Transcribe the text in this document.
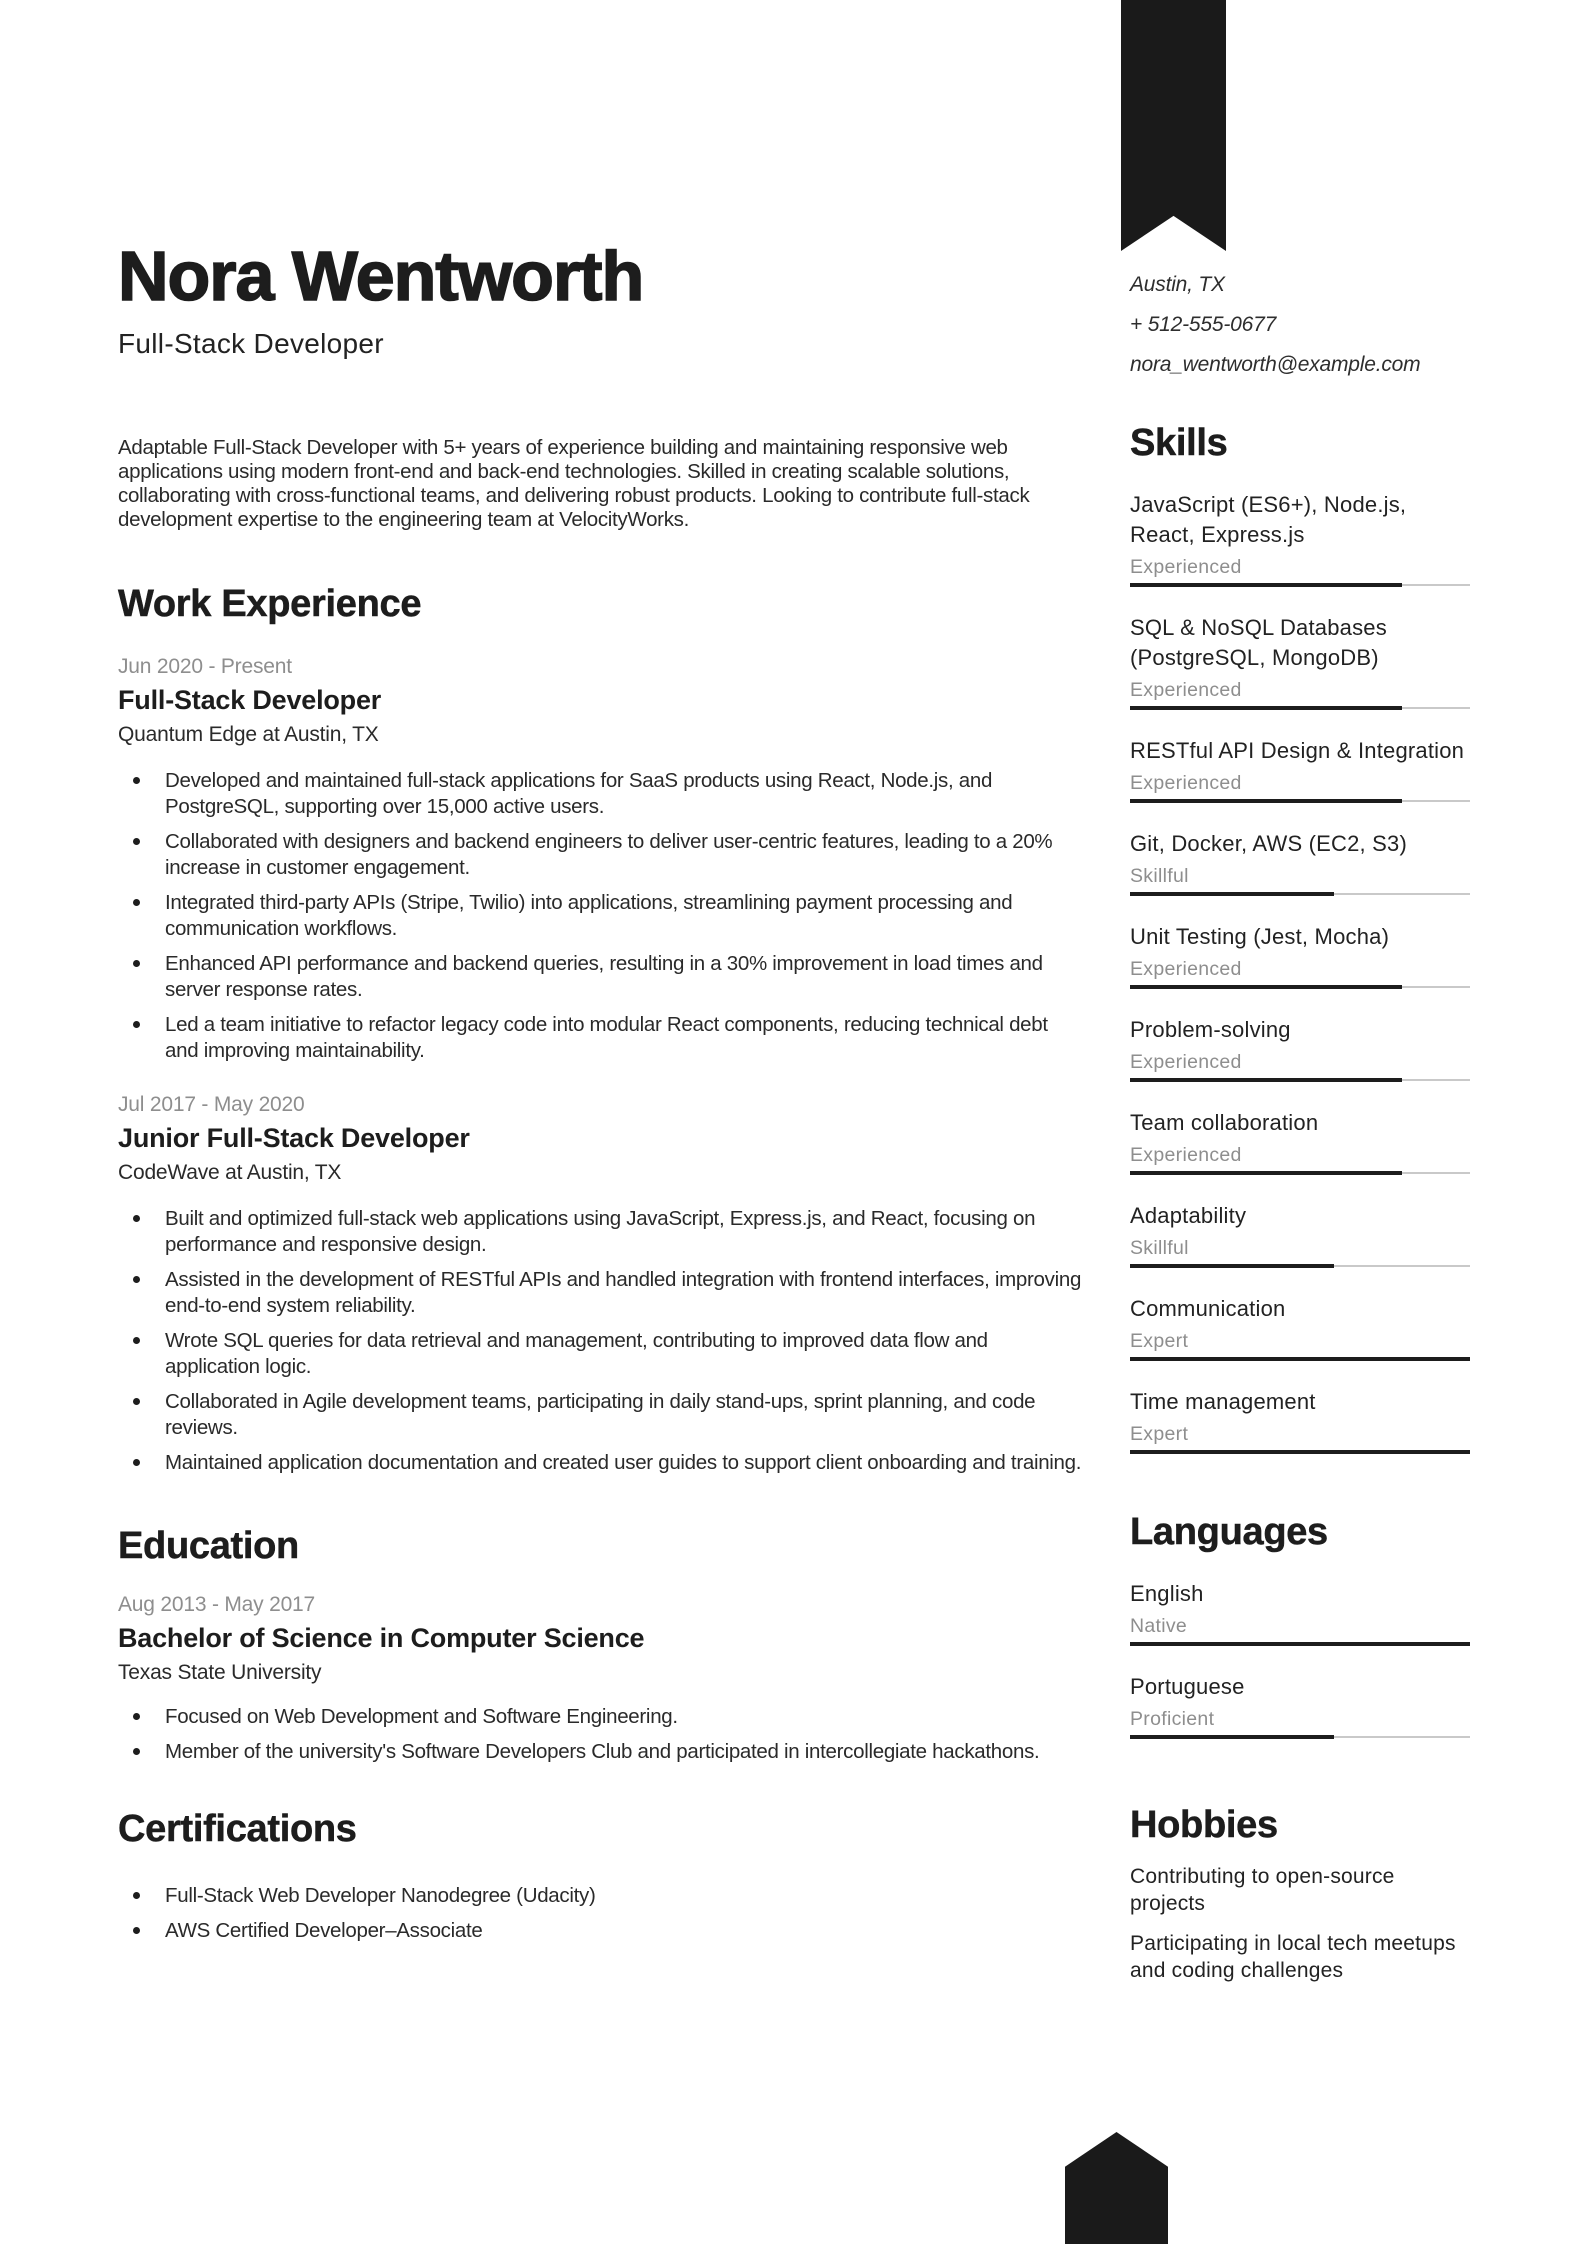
Nora Wentworth
Full-Stack Developer

Adaptable Full-Stack Developer with 5+ years of experience building and maintaining responsive web applications using modern front-end and back-end technologies. Skilled in creating scalable solutions, collaborating with cross-functional teams, and delivering robust products. Looking to contribute full-stack development expertise to the engineering team at VelocityWorks.

Work Experience
Jun 2020 - Present
Full-Stack Developer
Quantum Edge at Austin, TX
Developed and maintained full-stack applications for SaaS products using React, Node.js, and PostgreSQL, supporting over 15,000 active users.
Collaborated with designers and backend engineers to deliver user-centric features, leading to a 20% increase in customer engagement.
Integrated third-party APIs (Stripe, Twilio) into applications, streamlining payment processing and communication workflows.
Enhanced API performance and backend queries, resulting in a 30% improvement in load times and server response rates.
Led a team initiative to refactor legacy code into modular React components, reducing technical debt and improving maintainability.
Jul 2017 - May 2020
Junior Full-Stack Developer
CodeWave at Austin, TX
Built and optimized full-stack web applications using JavaScript, Express.js, and React, focusing on performance and responsive design.
Assisted in the development of RESTful APIs and handled integration with frontend interfaces, improving end-to-end system reliability.
Wrote SQL queries for data retrieval and management, contributing to improved data flow and application logic.
Collaborated in Agile development teams, participating in daily stand-ups, sprint planning, and code reviews.
Maintained application documentation and created user guides to support client onboarding and training.
Education
Aug 2013 - May 2017
Bachelor of Science in Computer Science
Texas State University
Focused on Web Development and Software Engineering.
Member of the university's Software Developers Club and participated in intercollegiate hackathons.
Certifications
Full-Stack Web Developer Nanodegree (Udacity)
AWS Certified Developer–Associate
Austin, TX
+ 512-555-0677
nora_wentworth@example.com
Skills
JavaScript (ES6+), Node.js, React, Express.js
Experienced
SQL & NoSQL Databases (PostgreSQL, MongoDB)
Experienced
RESTful API Design & Integration
Experienced
Git, Docker, AWS (EC2, S3)
Skillful
Unit Testing (Jest, Mocha)
Experienced
Problem-solving
Experienced
Team collaboration
Experienced
Adaptability
Skillful
Communication
Expert
Time management
Expert
Languages
English
Native
Portuguese
Proficient
Hobbies

Contributing to open-source projects

Participating in local tech meetups and coding challenges
